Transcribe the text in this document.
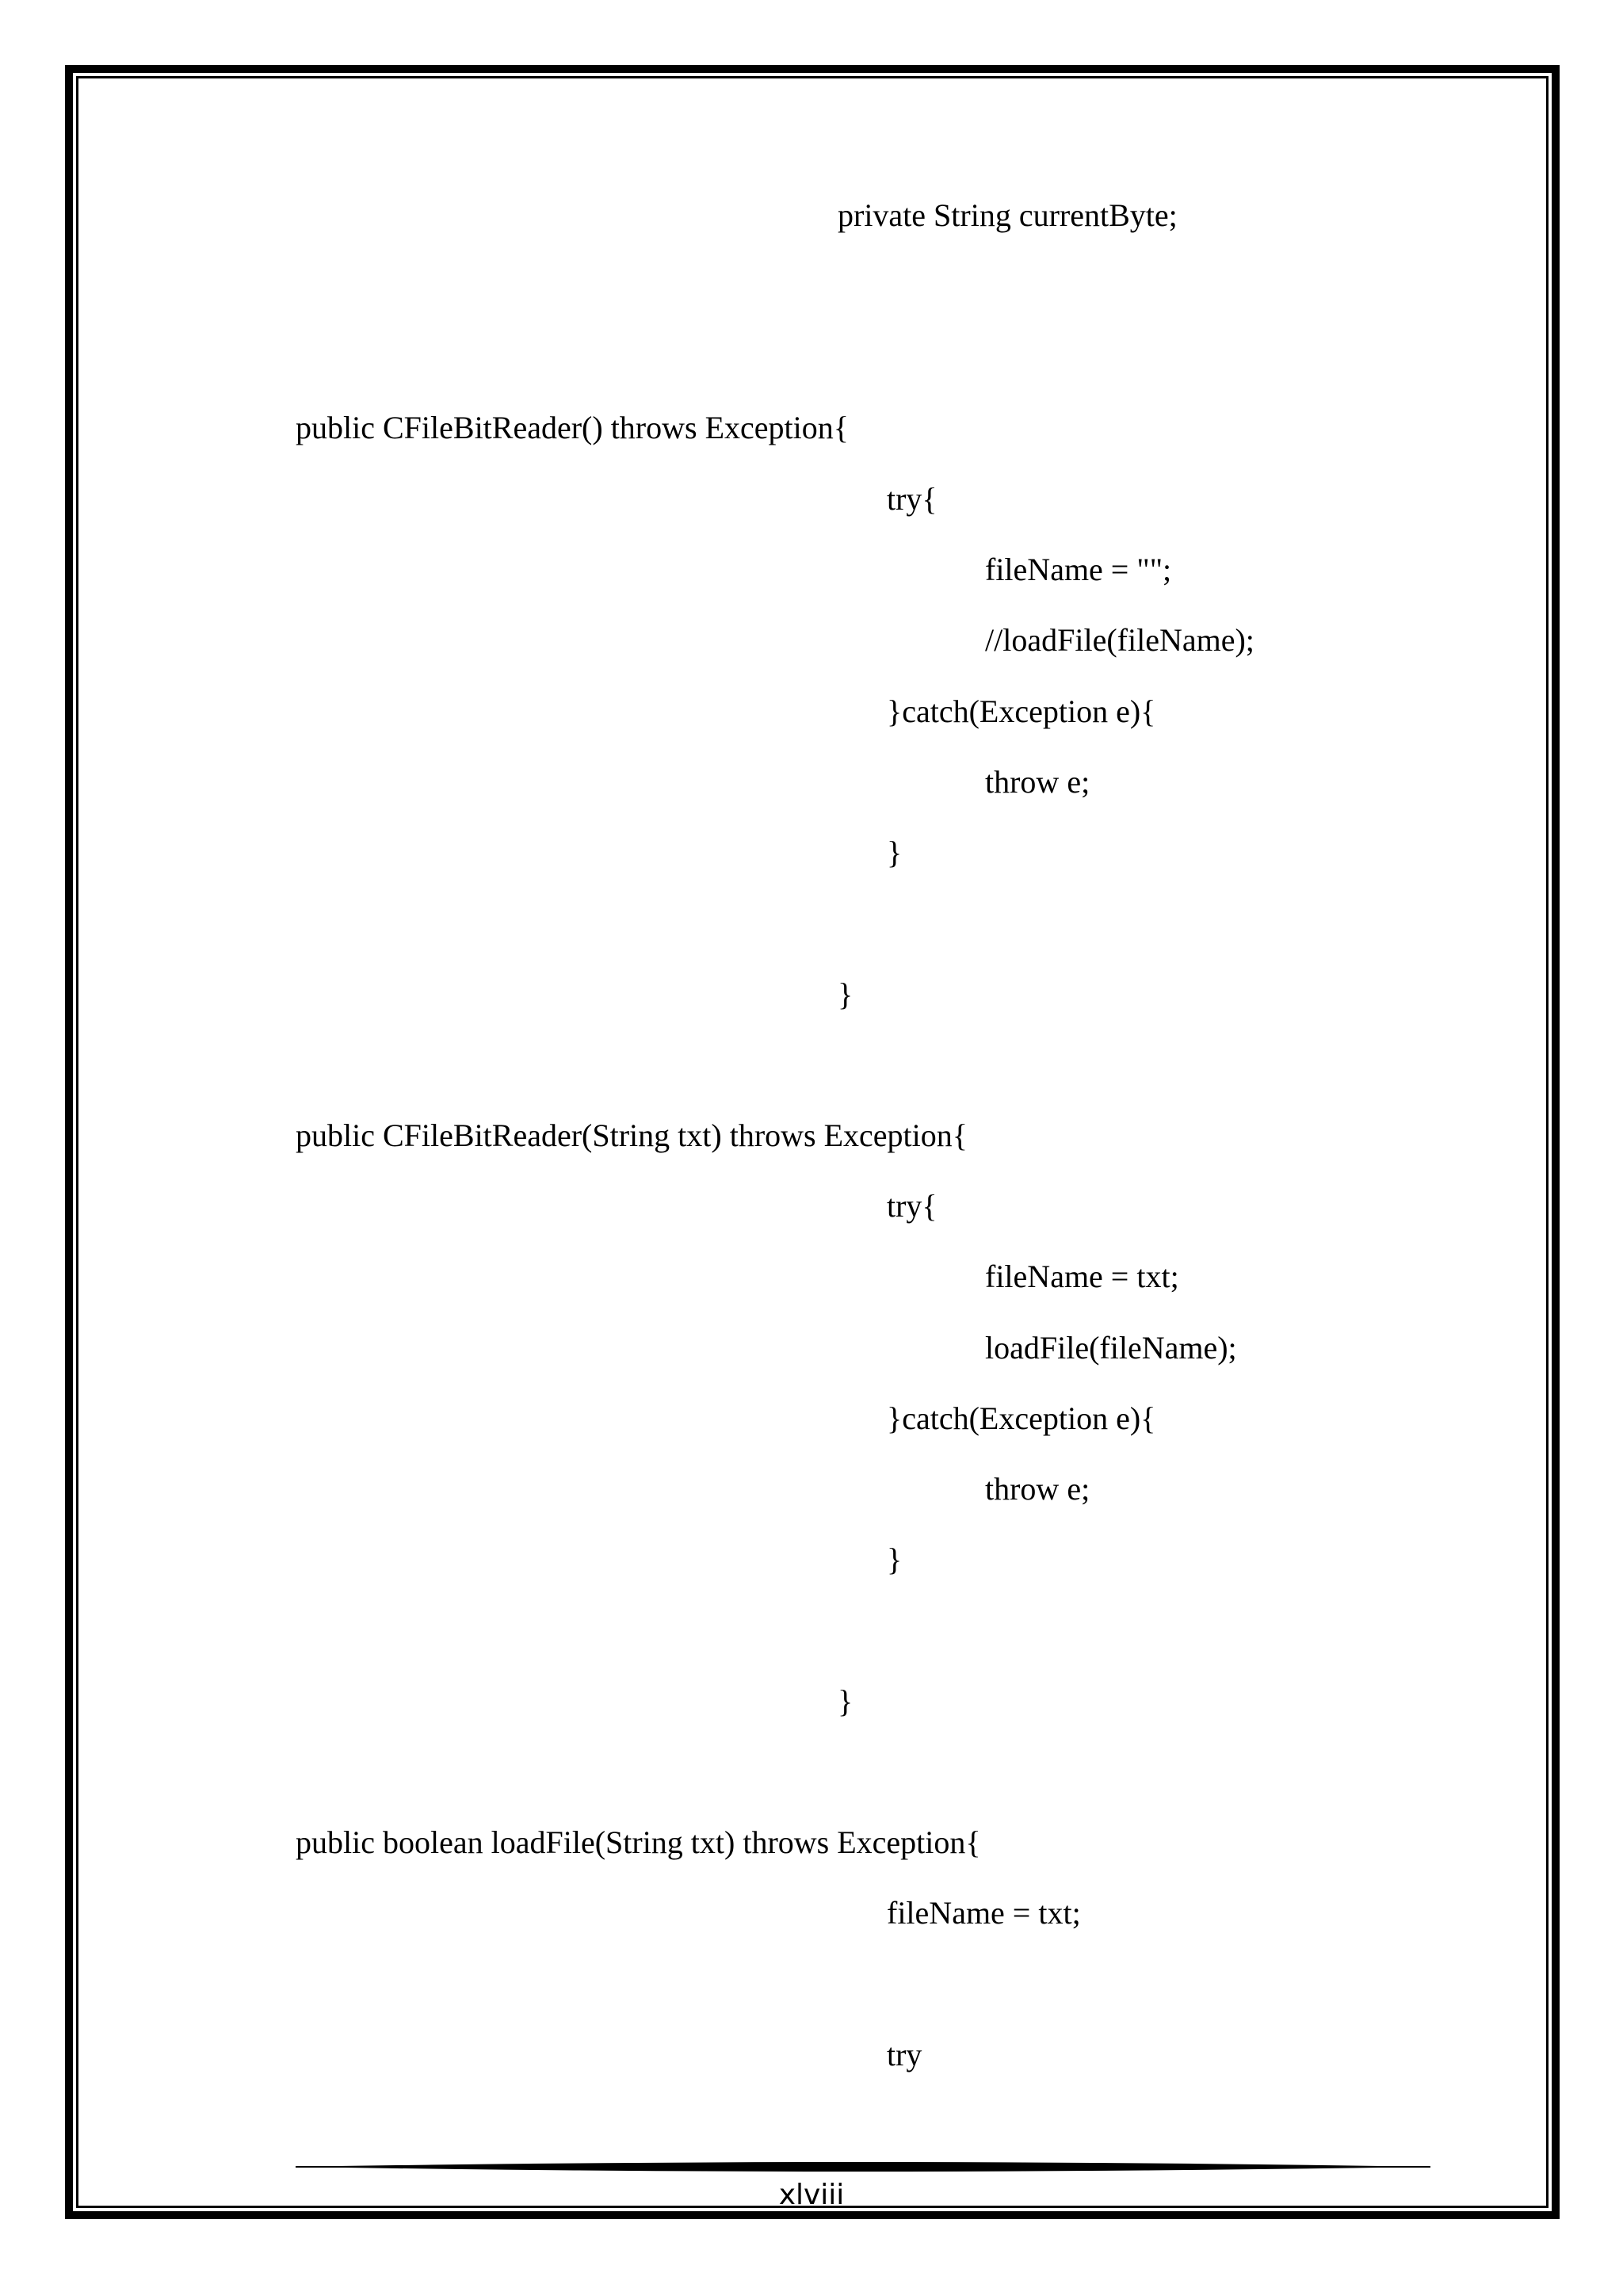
private String currentByte;

public CFileBitReader() throws Exception{

try{

fileName = "";

//loadFile(fileName);

}catch(Exception e){

throw e;

}

}

public CFileBitReader(String txt) throws Exception{

try{

fileName = txt;

loadFile(fileName);

}catch(Exception e){

throw e;

}

}

public boolean loadFile(String txt) throws Exception{

fileName = txt;

try

xlviii
